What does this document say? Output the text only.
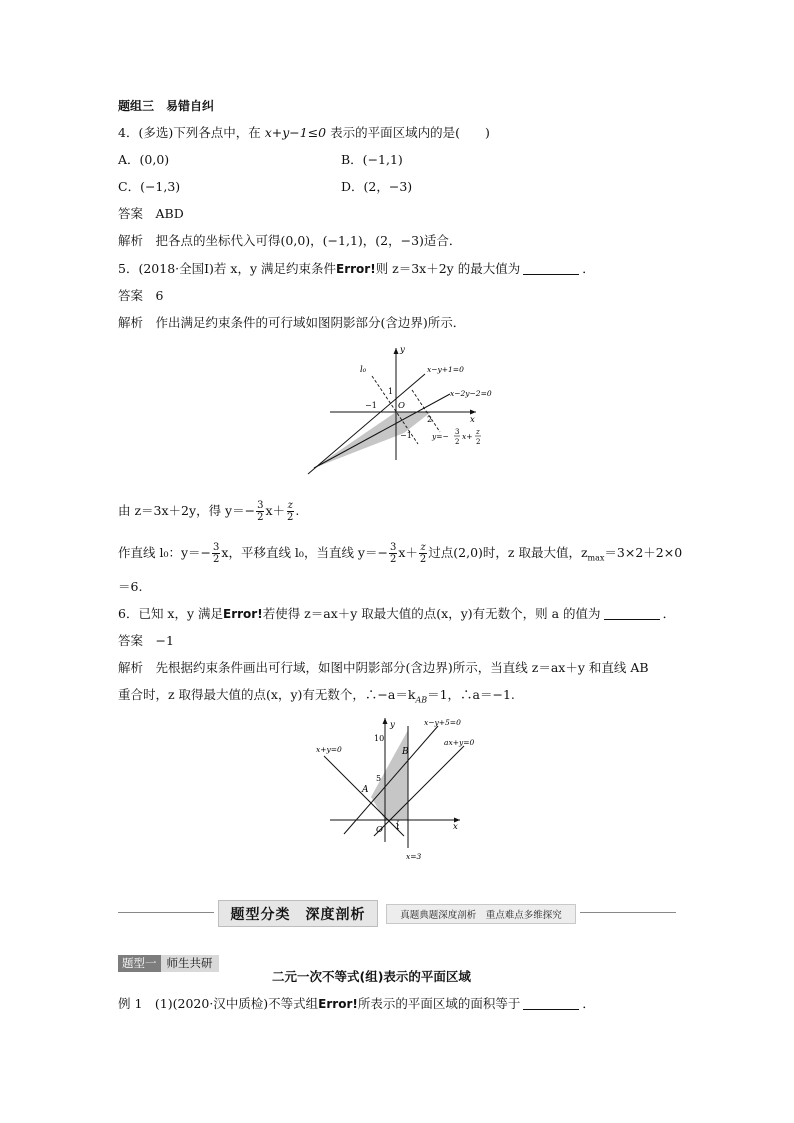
题组三　易错自纠
4．(多选)下列各点中，在 x+y−1≤0 表示的平面区域内的是(　　)
A．(0,0)	B．(−1,1)
C．(−1,3)	D．(2，−3)
答案　 ABD
解析　 把各点的坐标代入可得(0,0)，(−1,1)，(2，−3)适合．
5．(2018·全国Ⅰ)若 x，y 满足约束条件Error!则 z＝3x＋2y 的最大值为	．
答案　 6
解析　 作出满足约束条件的可行域如图阴影部分(含边界)所示．
y
x
O
l₀	x−y+1=0
x−2y−2=0
−1
1
2
−1	y=− 3
2
x+ z
2
由 z＝3x＋2y，得 $y=- \frac{3}{2} x+ \frac{z}{2}$ .
作直线 l₀：$y=- \frac{3}{2}$ x，平移直线 l₀，当直线 $y=- \frac{3}{2} x+ \frac{z}{2}$ 过点(2,0)时，z 取最大值，$z_{max}=3\times 2+2\times 0$
＝6.
6．已知 x，y 满足Error!若使得 z＝ax＋y 取最大值的点(x，y)有无数个，则 a 的值为	．
答案　 −1
解析　 先根据约束条件画出可行域，如图中阴影部分(含边界)所示，当直线 z＝ax＋y 和直线 AB
重合时，z 取得最大值的点(x，y)有无数个，$\therefore-a=k_{AB}=1$，∴a＝−1.
y
x
O
10
5
1
A
B
x+y=0
x−y+5=0
ax+y=0
x=3
题型分类　深度剖析	真题典题深度剖析　重点难点多维探究
题型一 师生共研
二元一次不等式(组)表示的平面区域
例 1　(1)(2020·汉中质检)不等式组Error!所表示的平面区域的面积等于	．
